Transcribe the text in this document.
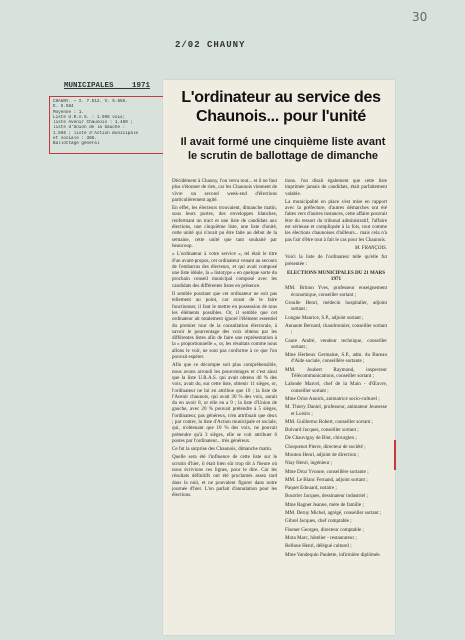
30
2/02 CHAUNY
MUNICIPALES 1971
CHAUNY. — I. 7.512. V. 5.655.
E. 5.584
Moyenne : 1.
Liste U.R.A.S. : 1.966 voix;
liste Avenir Chaunois : 1.480 ;
liste d'Union de la Gauche :
1.556 ; liste d'Action municipale
et sociale : 388.
Ballottage général
L'ordinateur au service des Chaunois... pour l'unité
Il avait formé une cinquième liste avant le scrutin de ballottage de dimanche

Décidément à Chauny, l'on verra tout... et il ne faut plus s'étonner de rien, car les Chaunois viennent de vivre un second week-end d'élections particulièrement agité.

En effet, les électeurs trouvaient, dimanche matin, sous leurs portes, des enveloppes blanches, renfermant un tract et une liste de candidats aux élections, une cinquième liste, une liste d'unité, cette unité qui n'avait pu être faite au début de la semaine, cette unité que tant souhaité par beaucoup.

« L'ordinateur à votre service », tel était le titre d'un avant-propos, cet ordinateur venant au secours de l'embarras des électeurs, et qui avait composé une liste idéale, la « listotype » en quelque sorte du prochain conseil municipal composé avec les candidats des différentes listes en présence.

Il semble pourtant que cet ordinateur ne soit pas tellement au point, car avant de le faire fonctionner, il faut le mettre en possession de tous les éléments possibles. Or, il semble que cet ordinateur ait totalement ignoré l'élément essentiel du premier tour de la consultation électorale, à savoir le pourcentage des voix obtenu par les différentes listes afin de faire une représentation à la « proportionnelle », or, les résultats comme nous allons le voir, ne sont pas conforme à ce que l'on pouvait espérer.

Afin que ce décompte soit plus compréhensible, nous avons arrondi les pourcentages et c'est ainsi que la liste U.R.A.S. qui avait obtenu 40 % des voix, avait du, sur cette liste, obtenir 11 sièges, or, l'ordinateur ne lui en attribue que 10 ; la liste de l'Avenir chaunois, qui avait 30 % des voix, aurait du en avoir 8, or elle en a 9 ; la liste d'Union de gauche, avec 20 % pouvait prétendre à 5 sièges, l'ordinateur, pas généreux, n'en attribuait que deux ; par contre, la liste d'Action municipale et sociale, qui, n'obtenant que 10 % des voix, ne pouvait prétendre qu'à 3 sièges, elle se voit attribuer 6 postes par l'ordinateur... très généreux.

Ce fut la surprise des Chaunois, dimanche matin.

Quelle sera été l'influence de cette liste sur le scrutin d'hier, il était bien sûr trop tôt à l'heure où nous écrivions ces lignes, pour le dire. Car les résultats définitifs ont été proclamés assez tard dans la nuit, et ne pouvaient figurer dans notre journée d'hier. L'on parlait d'annulation pour les élections.

tions. l'on disait également que cette liste imprimée jamais de candidats, était parfaitement valable.

La municipalité en place s'est mise en rapport avec la préfecture, d'autres démarches ont été faites vers d'autres instances, cette affaire pourrait être du ressort du tribunal administratif, l'affaire est sérieuse et compliquée à la fois, tout comme les élections chaunoises d'ailleurs... mais cela n'a pas l'air d'être tout à fait le cas pour les Chaunois.

M. FRANÇOIS.

Voici la liste de l'ordinateur telle qu'elle fut présentée :

ELECTIONS MUNICIPALES DU 21 MARS 1971

MM. Brinon Yves, professeur enseignement économique, conseiller sortant ;

Groulle Henri, médecin hospitalier, adjoint sortant ;

Longue Maurice, S.P., adjoint sortant ;

Annaute Bernard, chaudronnier, conseiller sortant ;

Caure André, vendeur technique, conseiller sortant ;

Mme Herbeux Germaine, S.P., adm. du Bureau d'Aide sociale, conseillère sortante ;

MM. Joubert Raymond, inspecteur Télécommunications, conseiller sortant ;

Lalonde Marcel, chef de la Main - d'Œuvre, conseiller sortant ;

Mme Oriot Annick, animatrice socio-culturel ;

M. Thiery Daniel, professeur, animateur Jeunesse et Loisirs ;

MM. Guillermo Robert, conseiller sortant ;

Bulvard Jacques, conseiller sortant ;

De Chauvigny de Blot, chirurgien ;

Choquenot Pierre, directeur de société ;

Mouton Henri, adjoint de direction ;

Niay Henri, ingénieur ;

Mme Droz Yvonne, conseillère sortante ;

MM. Le Blanc Fernand, adjoint sortant ;

Paquet Edouard, notaire ;

Bourrier Jacques, dessinateur industriel ;

Mme Ragnet Jeanne, mère de famille ;

MM. Deruy Michel, agrégé, conseiller sortant ;

Gibrel Jacques, chef comptable ;

Fisener Georges, directeur comptable ;

Mota Marc, hôtelier - restaurateur ;

Bellune Henri, délégué culturel ;

Mme Vandequin Paulette, infirmière diplômée.
